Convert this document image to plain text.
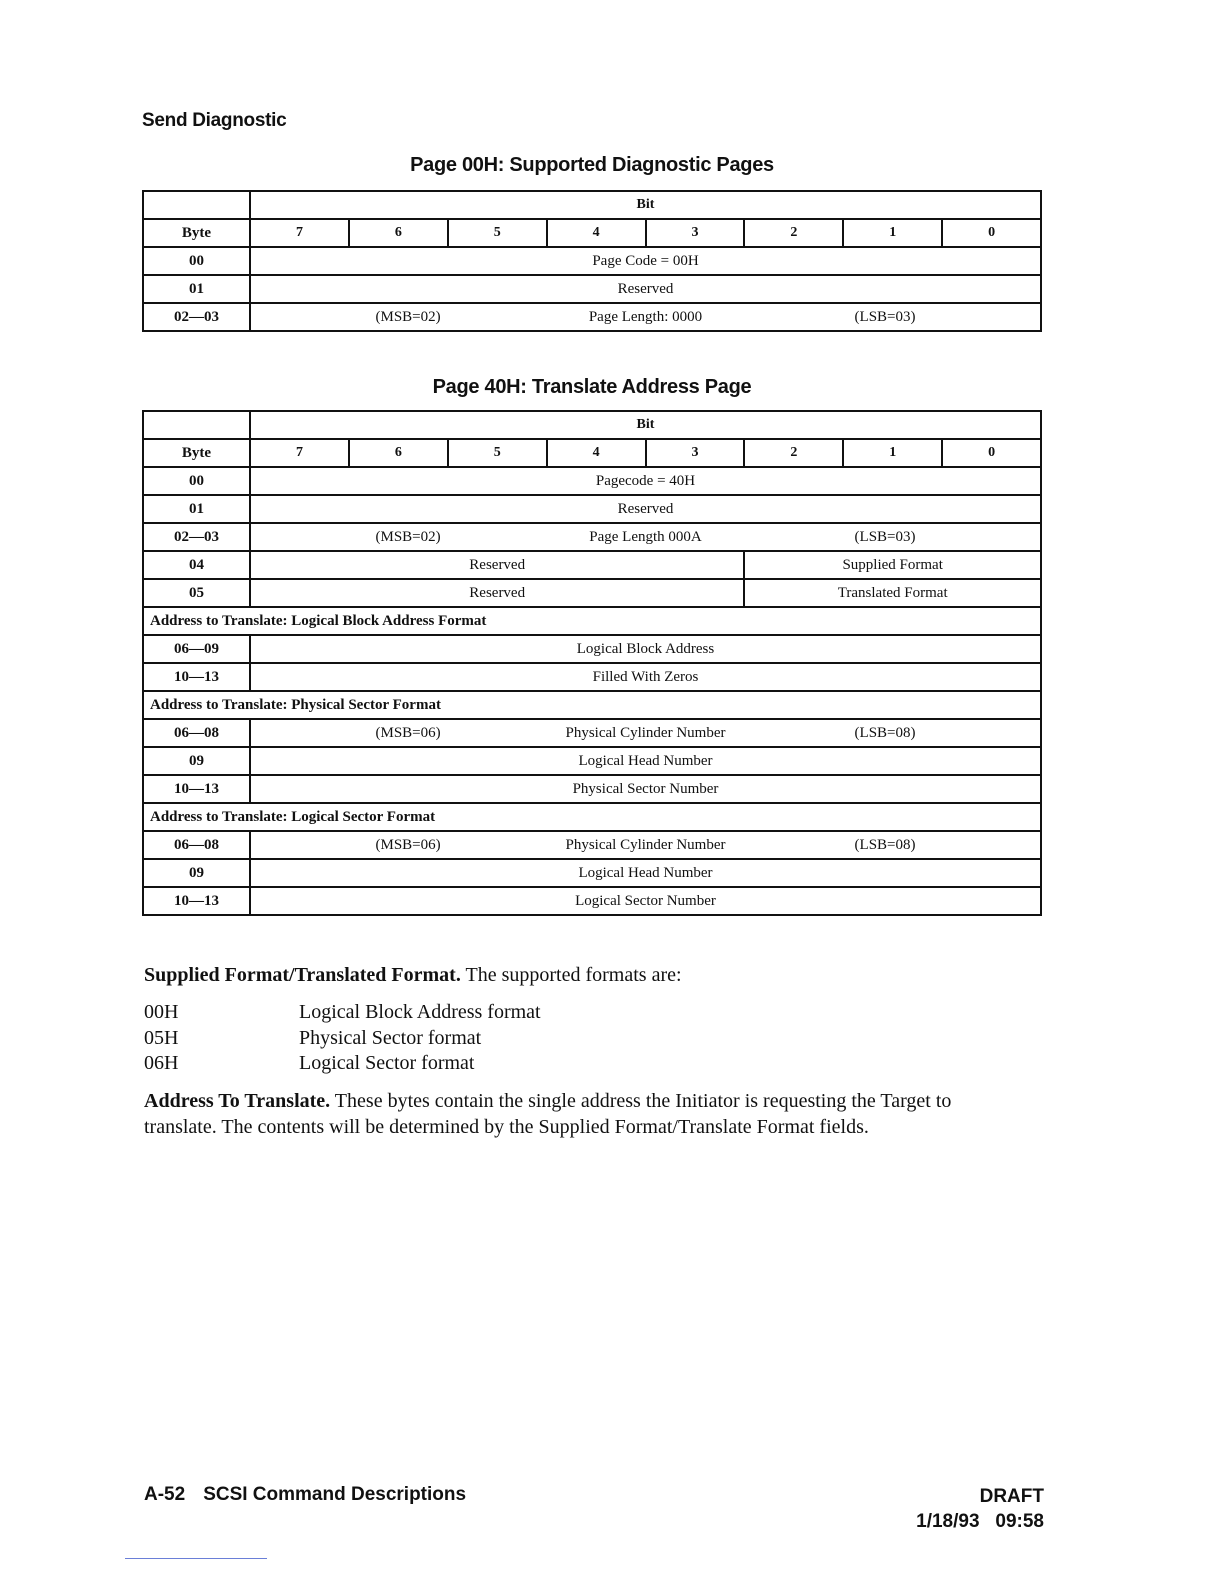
Send Diagnostic
Page 00H: Supported Diagnostic Pages
	Bit							
Byte	7	6	5	4	3	2	1	0
00	Page Code = 00H							
01	Reserved							
02—03	(MSB=02) Page Length: 0000 (LSB=03)							
Page 40H: Translate Address Page
	Bit							
Byte	7	6	5	4	3	2	1	0
00	Pagecode = 40H							
01	Reserved							
02—03	(MSB=02) Page Length 000A (LSB=03)							

04	Reserved					Supplied Format		
05	Reserved					Translated Format		
Address to Translate: Logical Block Address Format								
06—09	Logical Block Address							
10—13	Filled With Zeros							
Address to Translate: Physical Sector Format								
06—08	(MSB=06) Physical Cylinder Number (LSB=08)							

09	Logical Head Number							
10—13	Physical Sector Number							
Address to Translate: Logical Sector Format								
06—08	(MSB=06) Physical Cylinder Number (LSB=08)							

09	Logical Head Number							
10—13	Logical Sector Number							
Supplied Format/Translated Format. The supported formats are:
00H	Logical Block Address format
05H	Physical Sector format
06H	Logical Sector format
Address To Translate. These bytes contain the single address the Initiator is requesting the Target to translate. The contents will be determined by the Supplied Format/Translate Format fields.
A-52 SCSI Command Descriptions	DRAFT
1/18/93 09:58
